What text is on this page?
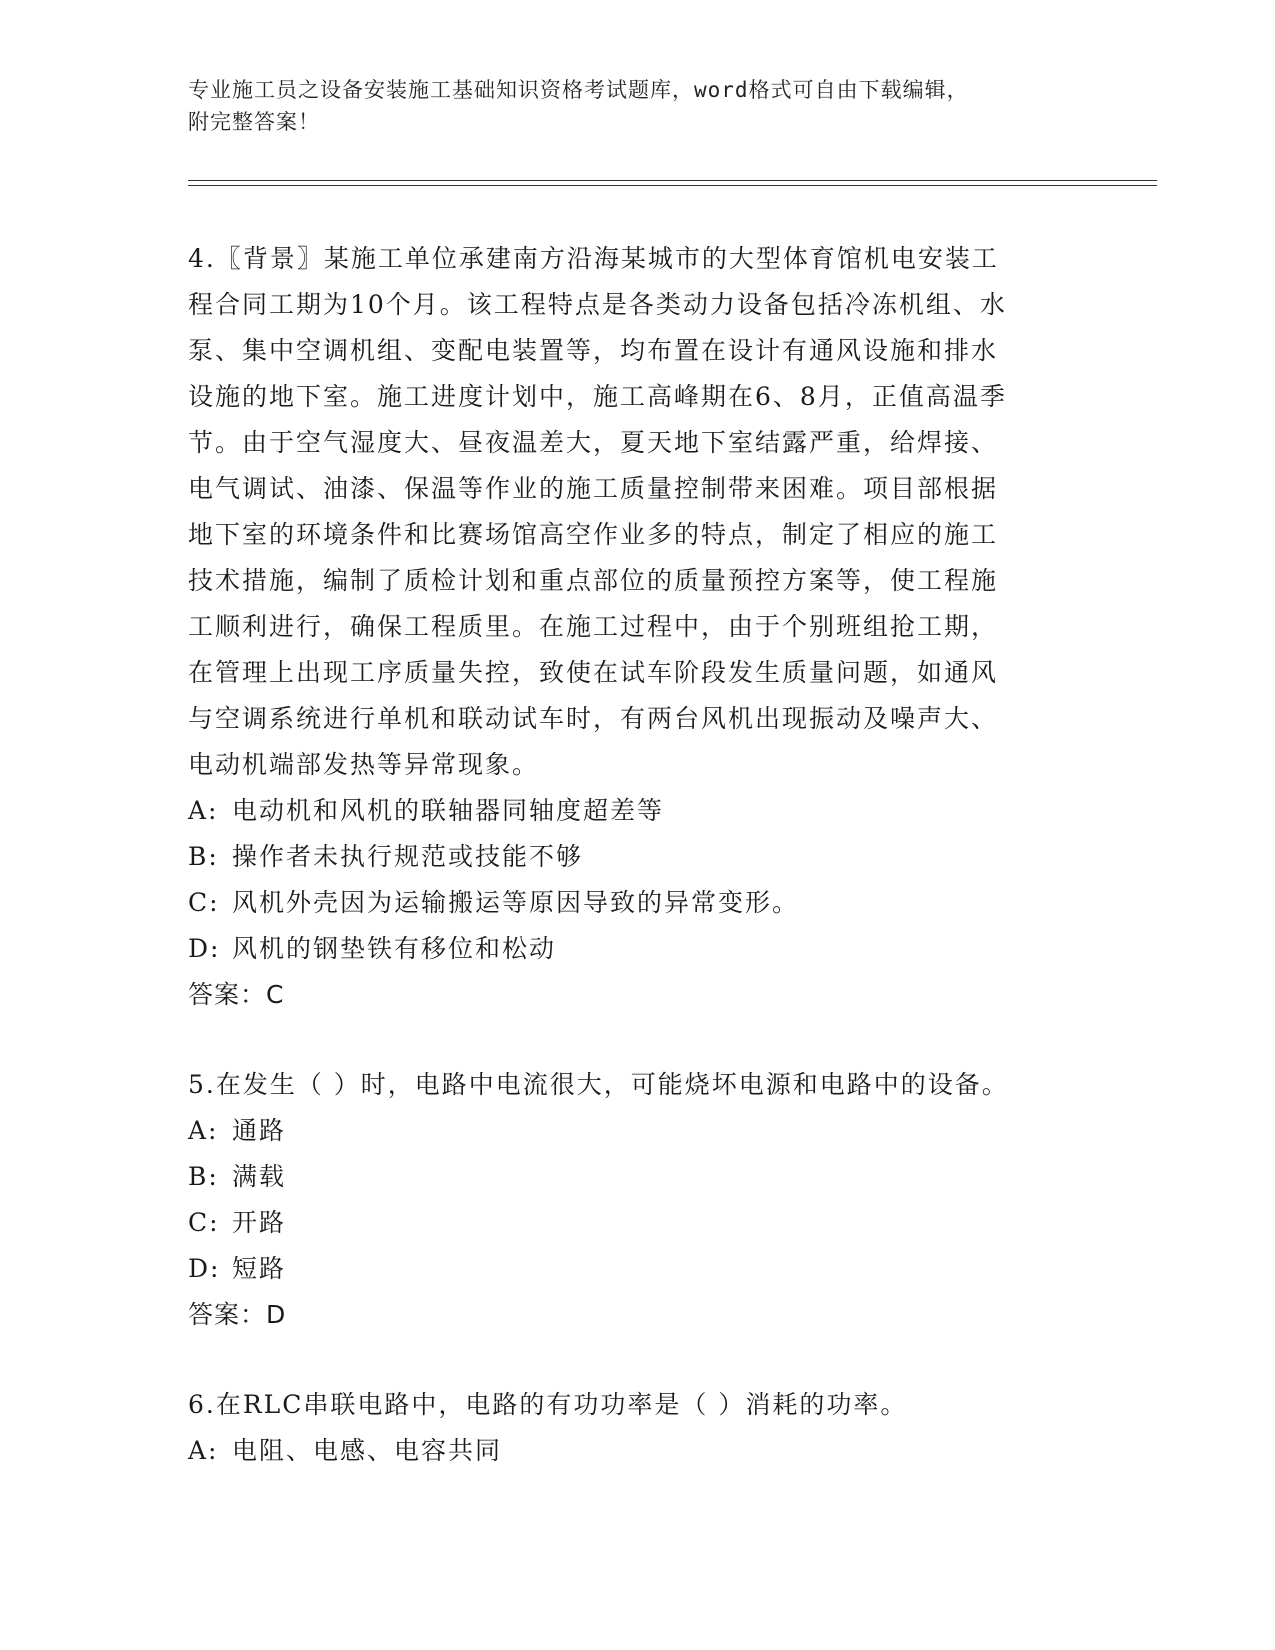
专业施工员之设备安装施工基础知识资格考试题库，word格式可自由下载编辑，
附完整答案！

4.〖背景〗某施工单位承建南方沿海某城市的大型体育馆机电安装工

程合同工期为10个月。该工程特点是各类动力设备包括冷冻机组、水

泵、集中空调机组、变配电装置等，均布置在设计有通风设施和排水

设施的地下室。施工进度计划中，施工高峰期在6、8月，正值高温季

节。由于空气湿度大、昼夜温差大，夏天地下室结露严重，给焊接、

电气调试、油漆、保温等作业的施工质量控制带来困难。项目部根据

地下室的环境条件和比赛场馆高空作业多的特点，制定了相应的施工

技术措施，编制了质检计划和重点部位的质量预控方案等，使工程施

工顺利进行，确保工程质里。在施工过程中，由于个别班组抢工期，

在管理上出现工序质量失控，致使在试车阶段发生质量问题，如通风

与空调系统进行单机和联动试车时，有两台风机出现振动及噪声大、

电动机端部发热等异常现象。

A: 电动机和风机的联轴器同轴度超差等

B: 操作者未执行规范或技能不够

C: 风机外壳因为运输搬运等原因导致的异常变形。

D: 风机的钢垫铁有移位和松动

答案：C

5.在发生（ ）时，电路中电流很大，可能烧坏电源和电路中的设备。

A: 通路

B: 满载

C: 开路

D: 短路

答案：D

6.在RLC串联电路中，电路的有功功率是（ ）消耗的功率。

A: 电阻、电感、电容共同
